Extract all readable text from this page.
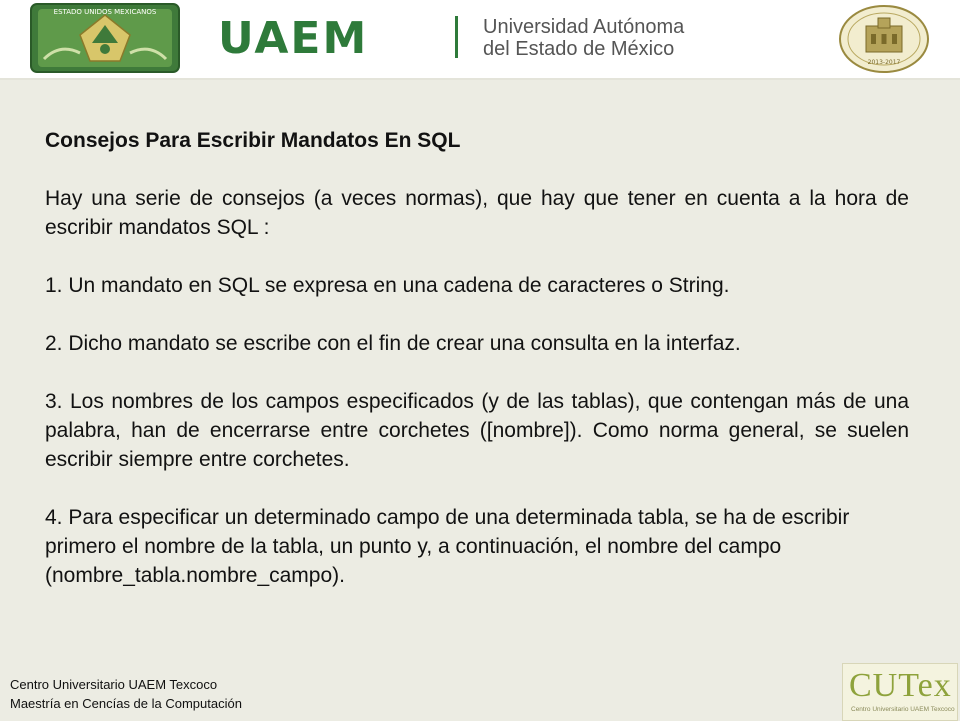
ESTADO UNIDOS MEXICANOS
UAEM	Universidad Autónoma
del Estado de México
2013-2017

Consejos Para Escribir Mandatos En SQL

Hay una serie de consejos (a veces normas), que hay que tener en cuenta a la hora de escribir mandatos SQL :

1. Un mandato en SQL se expresa en una cadena de caracteres o String.

2. Dicho mandato se escribe con el fin de crear una consulta en la interfaz.

3. Los nombres de los campos especificados (y de las tablas), que contengan más de una palabra, han de encerrarse entre corchetes ([nombre]). Como norma general, se suelen escribir siempre entre corchetes.

4. Para especificar un determinado campo de una determinada tabla, se ha de escribir primero el nombre de la tabla, un punto y, a continuación, el nombre del campo (nombre_tabla.nombre_campo).

Centro Universitario UAEM Texcoco
Maestría en Cencías de la Computación	CUTex
Centro Universitario UAEM Texcoco
